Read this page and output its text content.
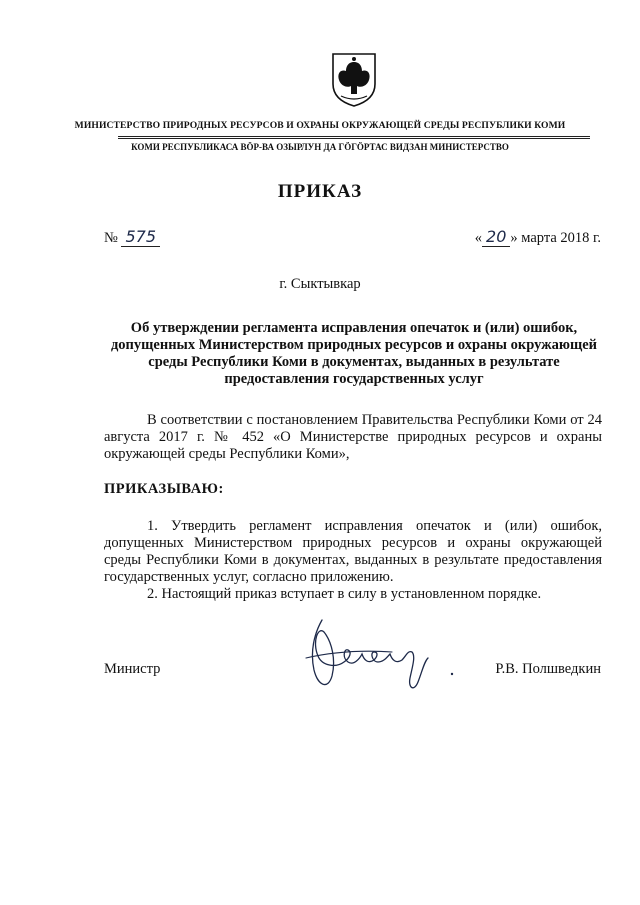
МИНИСТЕРСТВО ПРИРОДНЫХ РЕСУРСОВ И ОХРАНЫ ОКРУЖАЮЩЕЙ СРЕДЫ РЕСПУБЛИКИ КОМИ
КОМИ РЕСПУБЛИКАСА ВӦР-ВА ОЗЫРЛУН ДА ГӦГӦРТАС ВИДЗАН МИНИСТЕРСТВО
ПРИКАЗ
№ 575	« 20 » марта 2018 г.
г. Сыктывкар
Об утверждении регламента исправления опечаток и (или) ошибок, допущенных Министерством природных ресурсов и охраны окружающей среды Республики Коми в документах, выданных в результате предоставления государственных услуг
В соответствии с постановлением Правительства Республики Коми от 24 августа 2017 г. № 452 «О Министерстве природных ресурсов и охраны окружающей среды Республики Коми»,
ПРИКАЗЫВАЮ:

1. Утвердить регламент исправления опечаток и (или) ошибок, допущенных Министерством природных ресурсов и охраны окружающей среды Республики Коми в документах, выданных в результате предоставления государственных услуг, согласно приложению.

2. Настоящий приказ вступает в силу в установленном порядке.

Министр	Р.В. Полшведкин
